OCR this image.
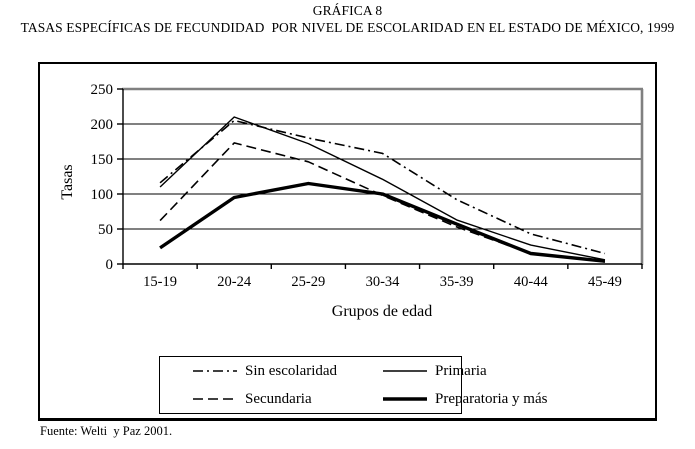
GRÁFICA 8
TASAS ESPECÍFICAS DE FECUNDIDAD  POR NIVEL DE ESCOLARIDAD EN EL ESTADO DE MÉXICO, 1999
Tasas
Grupos de edad
0
50
100
150
200
250
15-19	20-24	25-29	30-34	35-39	40-44	45-49
Sin escolaridad	Primaria
Secundaria	Preparatoria y más
Fuente: Welti  y Paz 2001.
